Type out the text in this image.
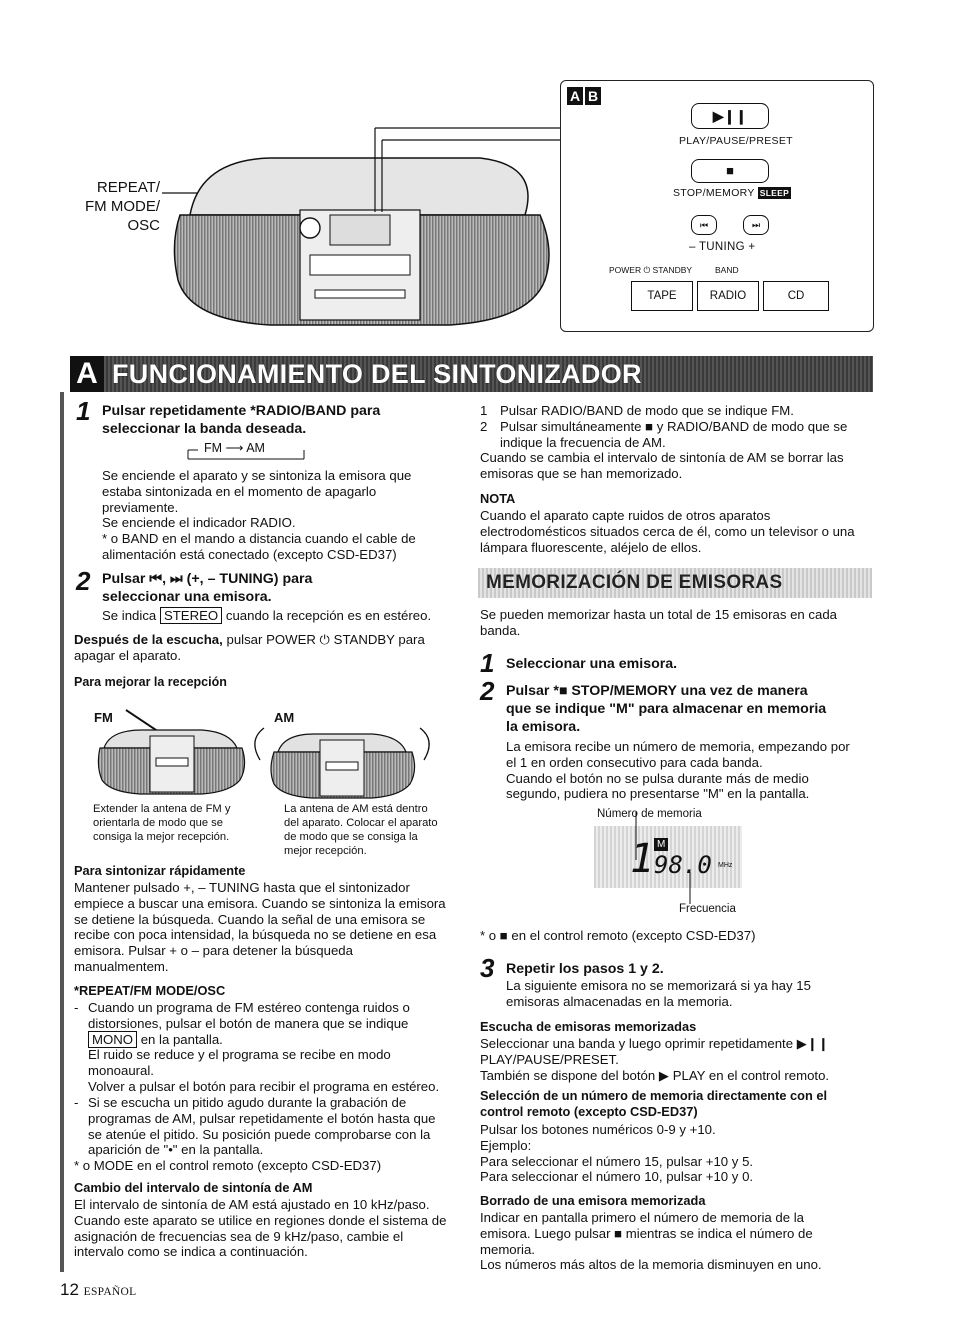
REPEAT/
FM MODE/
OSC
A B
▶❙❙
PLAY/PAUSE/PRESET
■
STOP/MEMORY SLEEP
⏮	⏭
– TUNING +
POWER ⏻ STANDBY	BAND
TAPE	RADIO	CD
A FUNCIONAMIENTO DEL SINTONIZADOR
1 Pulsar repetidamente *RADIO/BAND para
seleccionar la banda deseada.
FM ⟶ AM
Se enciende el aparato y se sintoniza la emisora que
estaba sintonizada en el momento de apagarlo
previamente.
Se enciende el indicador RADIO.
* o BAND en el mando a distancia cuando el cable de
alimentación está conectado (excepto CSD-ED37)
2 Pulsar ⏮, ⏭ (+, – TUNING) para
seleccionar una emisora.
Se indica STEREO cuando la recepción es en estéreo.
Después de la escucha, pulsar POWER ⏻ STANDBY para
apagar el aparato.
Para mejorar la recepción
FM	AM
Extender la antena de FM y
orientarla de modo que se
consiga la mejor recepción.
La antena de AM está dentro
del aparato. Colocar el aparato
de modo que se consiga la
mejor recepción.
Para sintonizar rápidamente
Mantener pulsado +, – TUNING hasta que el sintonizador
empiece a buscar una emisora. Cuando se sintoniza la emisora
se detiene la búsqueda. Cuando la señal de una emisora se
recibe con poca intensidad, la búsqueda no se detiene en esa
emisora. Pulsar + o – para detener la búsqueda
manualmentem.
*REPEAT/FM MODE/OSC
- Cuando un programa de FM estéreo contenga ruidos o
distorsiones, pulsar el botón de manera que se indique
MONO en la pantalla.
El ruido se reduce y el programa se recibe en modo
monoaural.
Volver a pulsar el botón para recibir el programa en estéreo.
- Si se escucha un pitido agudo durante la grabación de
programas de AM, pulsar repetidamente el botón hasta que
se atenúe el pitido. Su posición puede comprobarse con la
aparición de "•" en la pantalla.
* o MODE en el control remoto (excepto CSD-ED37)
Cambio del intervalo de sintonía de AM
El intervalo de sintonía de AM está ajustado en 10 kHz/paso.
Cuando este aparato se utilice en regiones donde el sistema de
asignación de frecuencias sea de 9 kHz/paso, cambie el
intervalo como se indica a continuación.
12 ESPAÑOL
1 Pulsar RADIO/BAND de modo que se indique FM.
2 Pulsar simultáneamente ■ y RADIO/BAND de modo que se
indique la frecuencia de AM.
Cuando se cambia el intervalo de sintonía de AM se borrar las
emisoras que se han memorizado.
NOTA
Cuando el aparato capte ruidos de otros aparatos
electrodomésticos situados cerca de él, como un televisor o una
lámpara fluorescente, aléjelo de ellos.
MEMORIZACIÓN DE EMISORAS
Se pueden memorizar hasta un total de 15 emisoras en cada
banda.
1 Seleccionar una emisora.
2 Pulsar *■ STOP/MEMORY una vez de manera
que se indique "M" para almacenar en memoria
la emisora.
La emisora recibe un número de memoria, empezando por
el 1 en orden consecutivo para cada banda.
Cuando el botón no se pulsa durante más de medio
segundo, pudiera no presentarse "M" en la pantalla.
Número de memoria
1 M
98.0 MHz
Frecuencia
* o ■ en el control remoto (excepto CSD-ED37)
3 Repetir los pasos 1 y 2.
La siguiente emisora no se memorizará si ya hay 15
emisoras almacenadas en la memoria.
Escucha de emisoras memorizadas
Seleccionar una banda y luego oprimir repetidamente ▶❙❙
PLAY/PAUSE/PRESET.
También se dispone del botón ▶ PLAY en el control remoto.
Selección de un número de memoria directamente con el
control remoto (excepto CSD-ED37)
Pulsar los botones numéricos 0-9 y +10.
Ejemplo:
Para seleccionar el número 15, pulsar +10 y 5.
Para seleccionar el número 10, pulsar +10 y 0.
Borrado de una emisora memorizada
Indicar en pantalla primero el número de memoria de la
emisora. Luego pulsar ■ mientras se indica el número de
memoria.
Los números más altos de la memoria disminuyen en uno.
